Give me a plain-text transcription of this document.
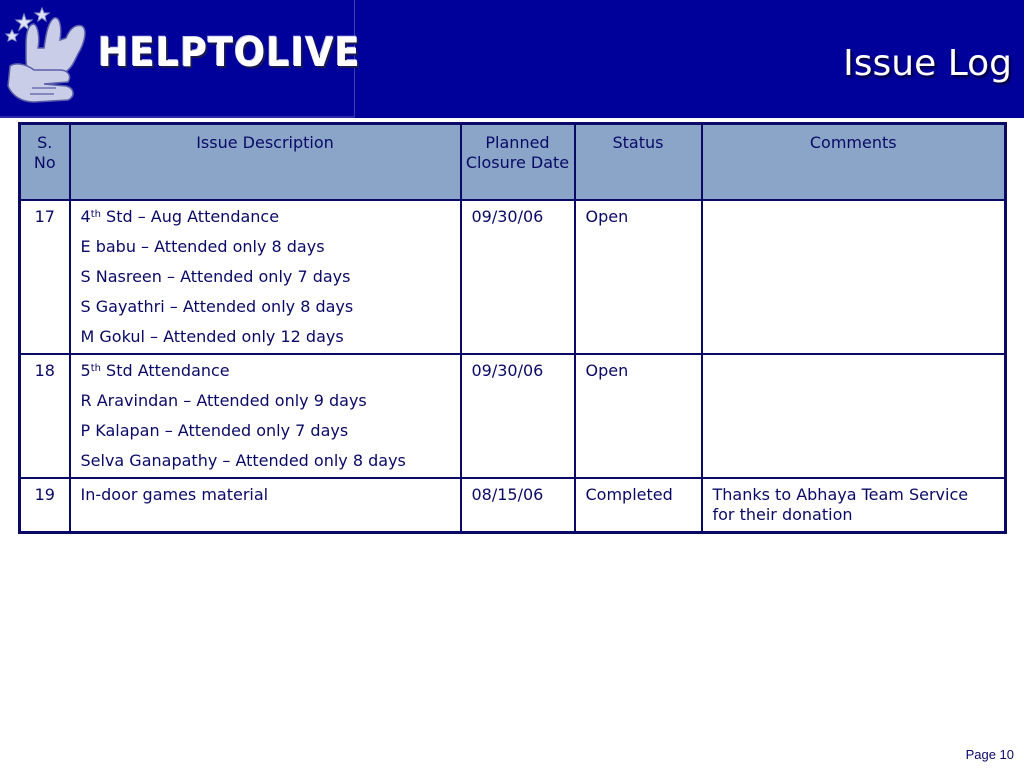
HELPTOLIVE	Issue Log
S. No	Issue Description	Planned Closure Date	Status	Comments
17	4th Std – Aug Attendance
E babu – Attended only 8 days
S Nasreen – Attended only 7 days
S Gayathri – Attended only 8 days
M Gokul – Attended only 12 days	09/30/06	Open	
18	5th Std Attendance
R Aravindan – Attended only 9 days
P Kalapan – Attended only 7 days
Selva Ganapathy – Attended only 8 days	09/30/06	Open	
19	In-door games material	08/15/06	Completed	Thanks to Abhaya Team Service for their donation
Page 10
